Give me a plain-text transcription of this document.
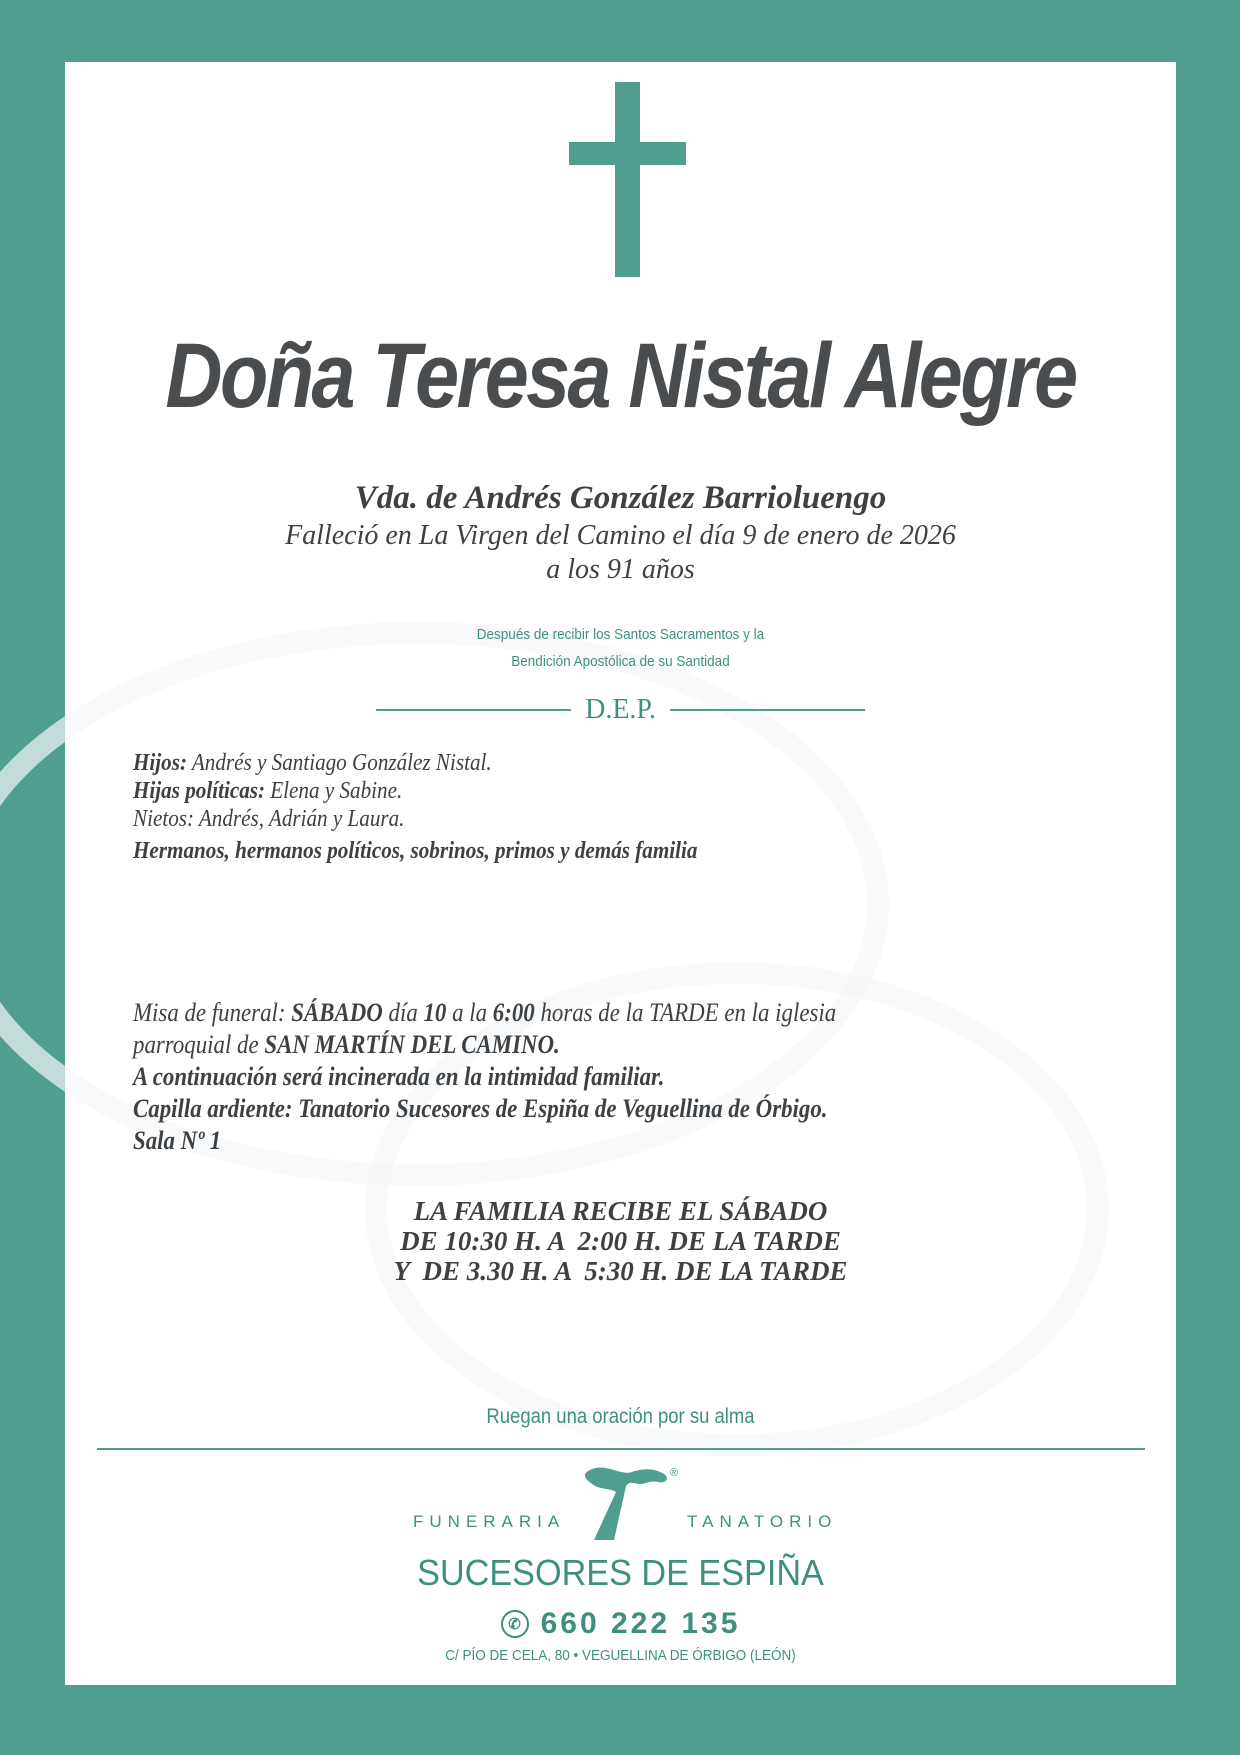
Doña Teresa Nistal Alegre
Vda. de Andrés González Barrioluengo
Falleció en La Virgen del Camino el día 9 de enero de 2026
a los 91 años
Después de recibir los Santos Sacramentos y la
Bendición Apostólica de su Santidad
D.E.P.
Hijos: Andrés y Santiago González Nistal.
Hijas políticas: Elena y Sabine.
Nietos: Andrés, Adrián y Laura.
Hermanos, hermanos políticos, sobrinos, primos y demás familia
Misa de funeral: SÁBADO día 10 a la 6:00 horas de la TARDE en la iglesia
parroquial de SAN MARTÍN DEL CAMINO.
A continuación será incinerada en la intimidad familiar.
Capilla ardiente: Tanatorio Sucesores de Espiña de Veguellina de Órbigo.
Sala Nº 1
LA FAMILIA RECIBE EL SÁBADO
DE 10:30 H. A  2:00 H. DE LA TARDE
Y  DE 3.30 H. A  5:30 H. DE LA TARDE
Ruegan una oración por su alma
®
FUNERARIA	TANATORIO
SUCESORES DE ESPIÑA
✆ 660 222 135
C/ PÍO DE CELA, 80 • VEGUELLINA DE ÓRBIGO (LEÓN)
